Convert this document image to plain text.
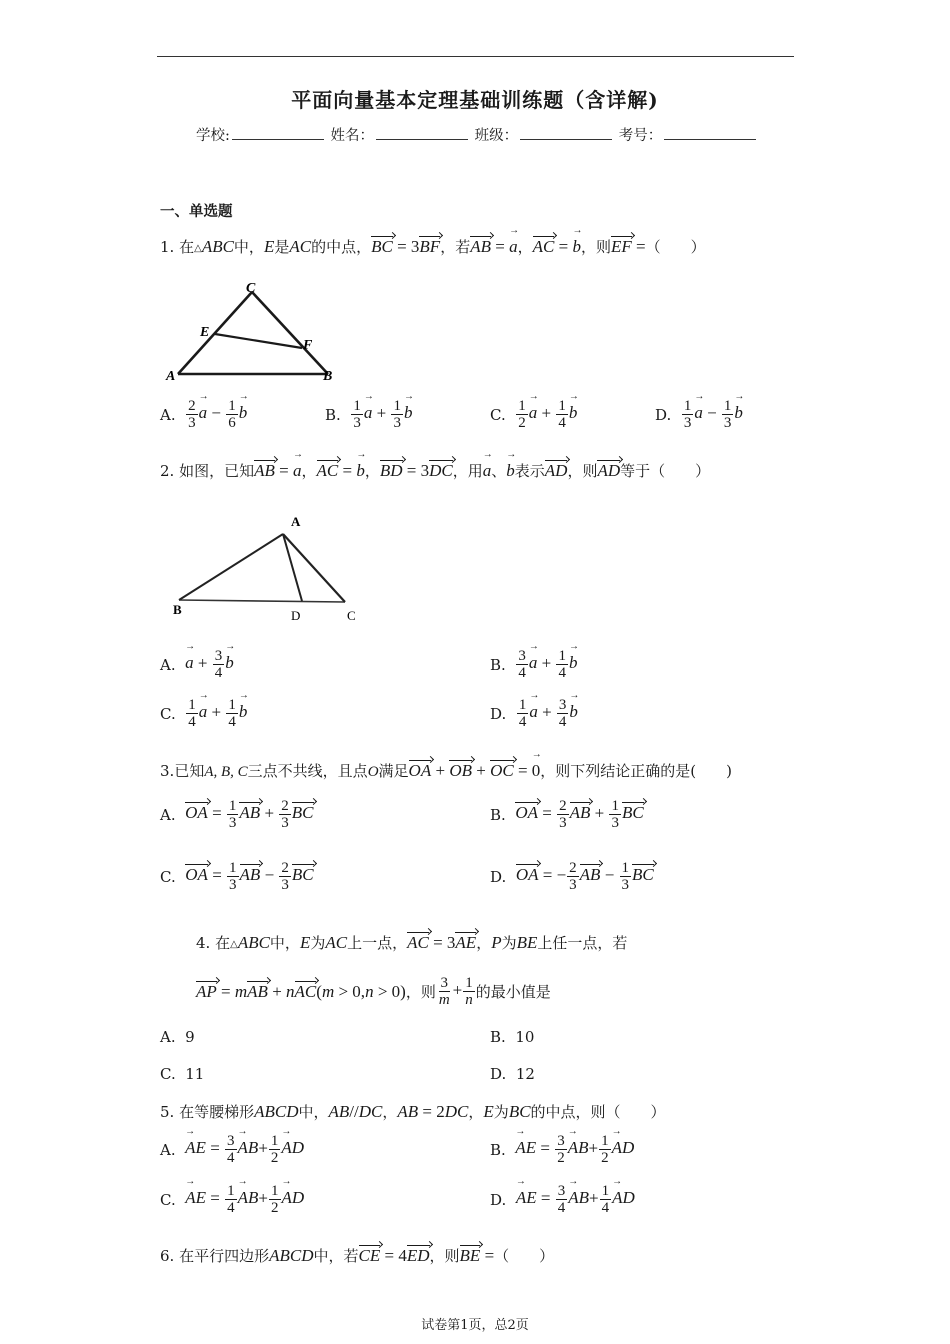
平面向量基本定理基础训练题（含详解)
学校:	姓名：	班级：	考号：
一、单选题
1. 在△ABC中，E是AC的中点，BC = 3BF，若AB = a →，AC = b →，则EF =（　　）
C
E
F
A	B
A.
$\frac{2}{3}$ a → − $\frac{1}{6}$ b →	B.
$\frac{1}{3}$ a → + $\frac{1}{3}$ b →	C.
$\frac{1}{2}$ a → + $\frac{1}{4}$ b →	D.
$\frac{1}{3}$ a → − $\frac{1}{3}$ b →
2. 如图，已知AB = a →，AC = b →，BD = 3DC，用a →、b →表示AD，则AD等于（　　）
A
B	D	C
A.
a → + $\frac{3}{4}$ b →	B.
$\frac{3}{4}$ a → + $\frac{1}{4}$ b →
C.
$\frac{1}{4}$ a → + $\frac{1}{4}$ b →	D.
$\frac{1}{4}$ a → + $\frac{3}{4}$ b →
3.已知A, B, C三点不共线，且点O满足OA + OB + OC = 0 →，则下列结论正确的是(　　)
A.
OA = $\frac{1}{3}$ AB + $\frac{2}{3}$ BC	B.
OA = $\frac{2}{3}$ AB + $\frac{1}{3}$ BC
C.
OA = $\frac{1}{3}$ AB − $\frac{2}{3}$ BC	D.
OA = − $\frac{2}{3}$ AB − $\frac{1}{3}$ BC
4. 在△ABC中，E为AC上一点，AC = 3AE，P为BE上任一点，若
AP = mAB + nAC(m > 0,n > 0) ，则 $\frac{3}{m} + \frac{1}{n}$ 的最小值是
A.
9	B.
10
C.
11	D.
12
5. 在等腰梯形ABCD中，AB//DC，AB = 2DC，E为BC的中点，则（　　）
A.
AE → = $\frac{3}{4}$ AB →+ $\frac{1}{2}$ AD →	B.
AE → = $\frac{3}{2}$ AB →+ $\frac{1}{2}$ AD →
C.
AE → = $\frac{1}{4}$ AB →+ $\frac{1}{2}$ AD →	D.
AE → = $\frac{3}{4}$ AB →+ $\frac{1}{4}$ AD →
6. 在平行四边形ABCD中，若CE = 4ED，则BE =（　　）
试卷第1页，总2页
